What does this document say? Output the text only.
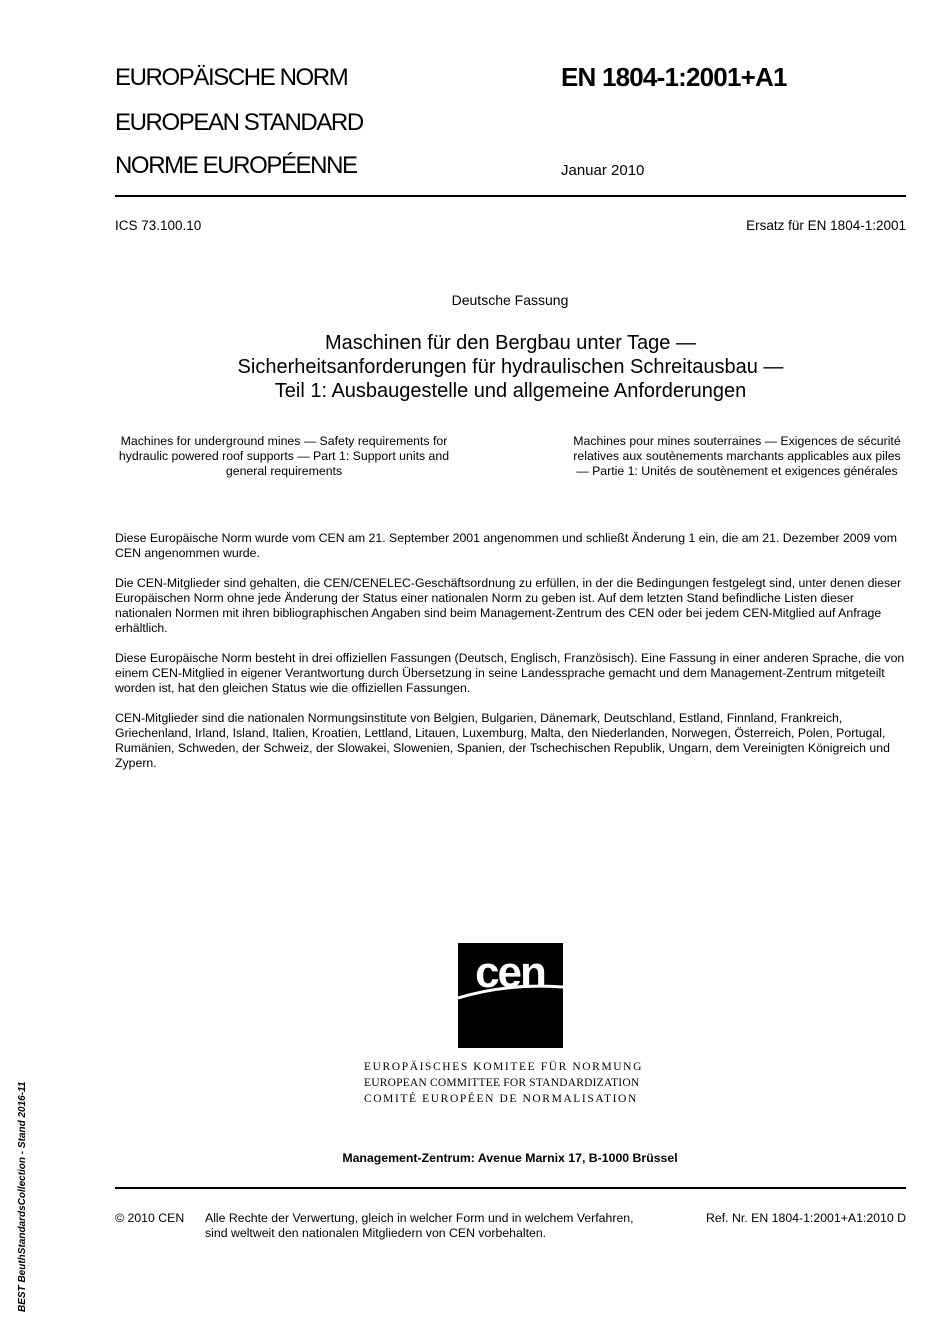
EUROPÄISCHE NORM
EUROPEAN STANDARD
NORME EUROPÉENNE
EN 1804-1:2001+A1
Januar 2010
ICS 73.100.10	Ersatz für EN 1804-1:2001
Deutsche Fassung
Maschinen für den Bergbau unter Tage —
Sicherheitsanforderungen für hydraulischen Schreitausbau —
Teil 1: Ausbaugestelle und allgemeine Anforderungen
Machines for underground mines — Safety requirements for hydraulic powered roof supports — Part 1: Support units and general requirements
Machines pour mines souterraines — Exigences de sécurité relatives aux soutènements marchants applicables aux piles — Partie 1: Unités de soutènement et exigences générales

Diese Europäische Norm wurde vom CEN am 21. September 2001 angenommen und schließt Änderung 1 ein, die am 21. Dezember 2009 vom CEN angenommen wurde.

Die CEN-Mitglieder sind gehalten, die CEN/CENELEC-Geschäftsordnung zu erfüllen, in der die Bedingungen festgelegt sind, unter denen dieser Europäischen Norm ohne jede Änderung der Status einer nationalen Norm zu geben ist. Auf dem letzten Stand befindliche Listen dieser nationalen Normen mit ihren bibliographischen Angaben sind beim Management-Zentrum des CEN oder bei jedem CEN-Mitglied auf Anfrage erhältlich.

Diese Europäische Norm besteht in drei offiziellen Fassungen (Deutsch, Englisch, Französisch). Eine Fassung in einer anderen Sprache, die von einem CEN-Mitglied in eigener Verantwortung durch Übersetzung in seine Landessprache gemacht und dem Management-Zentrum mitgeteilt worden ist, hat den gleichen Status wie die offiziellen Fassungen.

CEN-Mitglieder sind die nationalen Normungsinstitute von Belgien, Bulgarien, Dänemark, Deutschland, Estland, Finnland, Frankreich, Griechenland, Irland, Island, Italien, Kroatien, Lettland, Litauen, Luxemburg, Malta, den Niederlanden, Norwegen, Österreich, Polen, Portugal, Rumänien, Schweden, der Schweiz, der Slowakei, Slowenien, Spanien, der Tschechischen Republik, Ungarn, dem Vereinigten Königreich und Zypern.

cen
EUROPÄISCHES KOMITEE FÜR NORMUNG
EUROPEAN COMMITTEE FOR STANDARDIZATION
COMITÉ EUROPÉEN DE NORMALISATION
Management-Zentrum: Avenue Marnix 17, B-1000 Brüssel
© 2010 CEN Alle Rechte der Verwertung, gleich in welcher Form und in welchem Verfahren, sind weltweit den nationalen Mitgliedern von CEN vorbehalten.
Ref. Nr. EN 1804-1:2001+A1:2010 D
BEST BeuthStandardsCollection - Stand 2016-11
